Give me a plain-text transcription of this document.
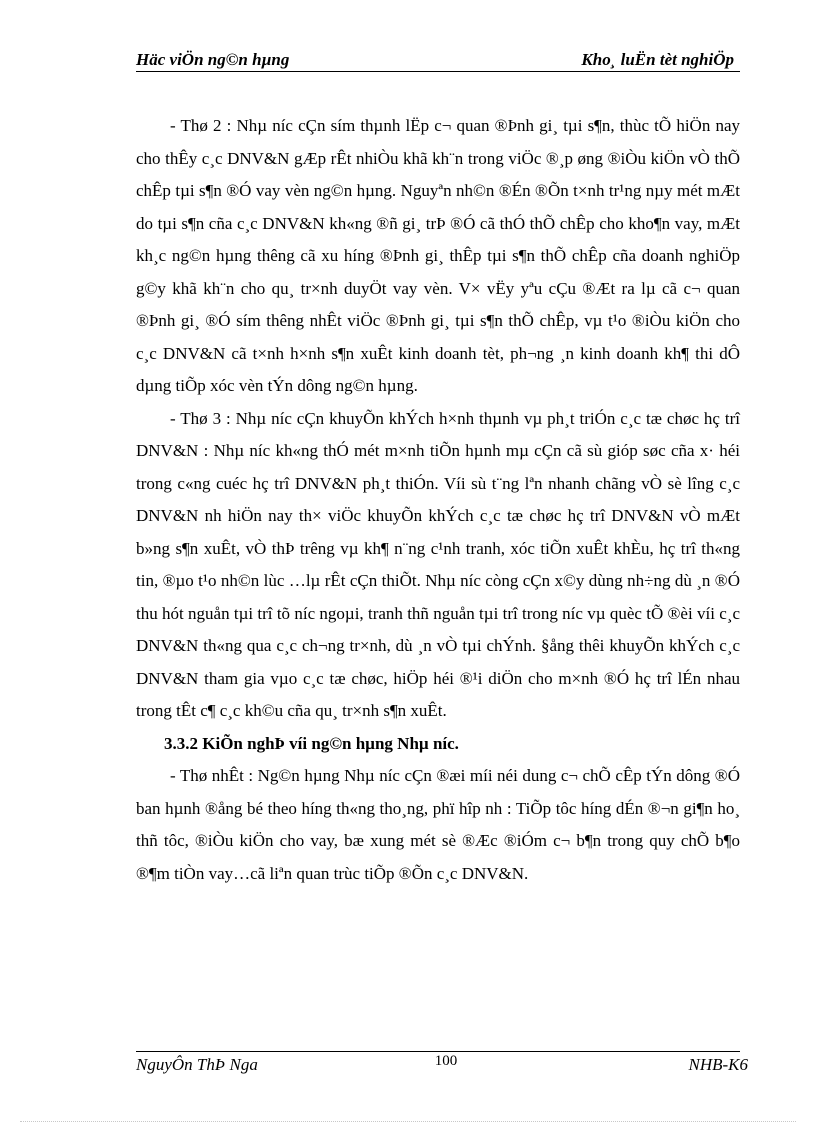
Häc viÖn ng©n hµng	Kho¸ luËn tèt nghiÖp

- Thø 2 : Nhµ níc cÇn sím thµnh lËp c¬ quan ®Þnh gi¸ tµi s¶n, thùc tÕ hiÖn nay cho thÊy c¸c DNV&N gÆp rÊt nhiÒu khã kh¨n trong viÖc ®¸p øng ®iÒu kiÖn vÒ thÕ chÊp tµi s¶n ®Ó vay vèn ng©n hµng. Nguyªn nh©n ®Én ®Õn t×nh tr¹ng nµy mét mÆt do tµi s¶n cña c¸c DNV&N kh«ng ®ñ gi¸ trÞ ®Ó cã thÓ thÕ chÊp cho kho¶n vay, mÆt kh¸c ng©n hµng thêng cã xu híng ®Þnh gi¸ thÊp tµi s¶n thÕ chÊp cña doanh nghiÖp g©y khã kh¨n cho qu¸ tr×nh duyÖt vay vèn. V× vËy yªu cÇu ®Æt ra lµ cã c¬ quan ®Þnh gi¸ ®Ó sím thêng nhÊt viÖc ®Þnh gi¸ tµi s¶n thÕ chÊp, vµ t¹o ®iÒu kiÖn cho c¸c DNV&N cã t×nh h×nh s¶n xuÊt kinh doanh tèt, ph¬ng ¸n kinh doanh kh¶ thi dÔ dµng tiÕp xóc vèn tÝn dông ng©n hµng.

- Thø 3 : Nhµ níc cÇn khuyÕn khÝch h×nh thµnh vµ ph¸t triÓn c¸c tæ chøc hç trî DNV&N : Nhµ níc kh«ng thÓ mét m×nh tiÕn hµnh mµ cÇn cã sù gióp søc cña x· héi trong c«ng cuéc hç trî DNV&N ph¸t thiÓn. Víi sù t¨ng lªn nhanh chãng vÒ sè lîng c¸c DNV&N nh hiÖn nay th× viÖc khuyÕn khÝch c¸c tæ chøc hç trî DNV&N vÒ mÆt b»ng s¶n xuÊt, vÒ thÞ trêng vµ kh¶ n¨ng c¹nh tranh, xóc tiÕn xuÊt khÈu, hç trî th«ng tin, ®µo t¹o nh©n lùc …lµ rÊt cÇn thiÕt. Nhµ níc còng cÇn x©y dùng nh÷ng dù ¸n ®Ó thu hót nguån tµi trî tõ níc ngoµi, tranh thñ nguån tµi trî trong níc vµ quèc tÕ ®èi víi c¸c DNV&N th«ng qua c¸c ch¬ng tr×nh, dù ¸n vÒ tµi chÝnh. §ång thêi khuyÕn khÝch c¸c DNV&N tham gia vµo c¸c tæ chøc, hiÖp héi ®¹i diÖn cho m×nh ®Ó hç trî lÉn nhau trong tÊt c¶ c¸c kh©u cña qu¸ tr×nh s¶n xuÊt.

3.3.2 KiÕn nghÞ víi ng©n hµng Nhµ níc.

- Thø nhÊt : Ng©n hµng Nhµ níc cÇn ®æi míi néi dung c¬ chÕ cÊp tÝn dông ®Ó ban hµnh ®ång bé theo híng th«ng tho¸ng, phï hîp nh : TiÕp tôc híng dÉn ®¬n gi¶n ho¸ thñ tôc, ®iÒu kiÖn cho vay, bæ xung mét sè ®Æc ®iÓm c¬ b¶n trong quy chÕ b¶o ®¶m tiÒn vay…cã liªn quan trùc tiÕp ®Õn c¸c DNV&N.

NguyÔn ThÞ Nga	100	NHB-K6
